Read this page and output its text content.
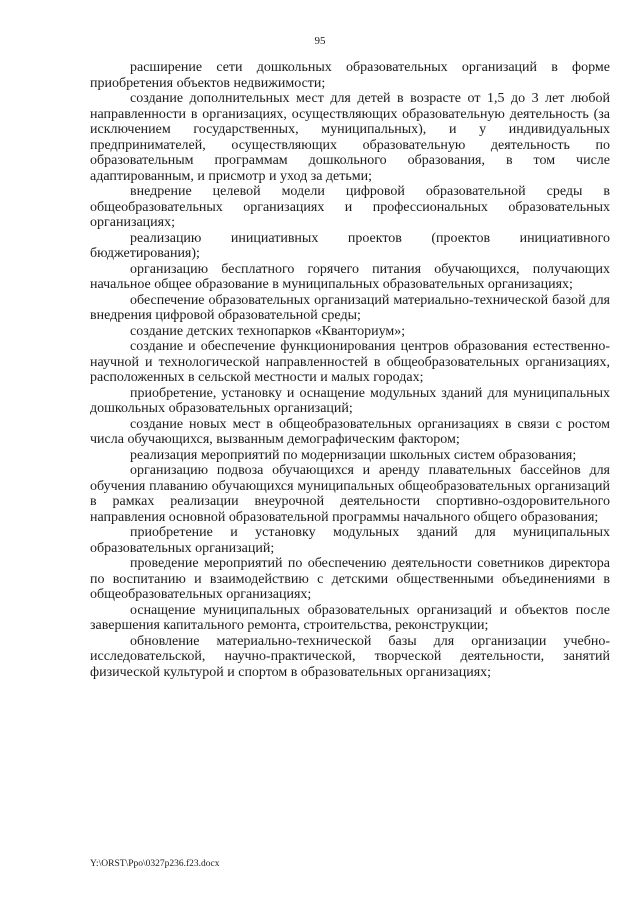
95

расширение сети дошкольных образовательных организаций в форме приобретения объектов недвижимости;

создание дополнительных мест для детей в возрасте от 1,5 до 3 лет любой направленности в организациях, осуществляющих образовательную деятельность (за исключением государственных, муниципальных), и у индивидуальных предпринимателей, осуществляющих образовательную деятельность по образовательным программам дошкольного образования, в том числе адаптированным, и присмотр и уход за детьми;

внедрение целевой модели цифровой образовательной среды в общеобразовательных организациях и профессиональных образовательных организациях;

реализацию инициативных проектов (проектов инициативного бюджетирования);

организацию бесплатного горячего питания обучающихся, получающих начальное общее образование в муниципальных образовательных организациях;

обеспечение образовательных организаций материально-технической базой для внедрения цифровой образовательной среды;

создание детских технопарков «Кванториум»;

создание и обеспечение функционирования центров образования естественно-научной и технологической направленностей в общеобразовательных организациях, расположенных в сельской местности и малых городах;

приобретение, установку и оснащение модульных зданий для муниципальных дошкольных образовательных организаций;

создание новых мест в общеобразовательных организациях в связи с ростом числа обучающихся, вызванным демографическим фактором;

реализация мероприятий по модернизации школьных систем образования;

организацию подвоза обучающихся и аренду плавательных бассейнов для обучения плаванию обучающихся муниципальных общеобразовательных организаций в рамках реализации внеурочной деятельности спортивно-оздоровительного направления основной образовательной программы начального общего образования;

приобретение и установку модульных зданий для муниципальных образовательных организаций;

проведение мероприятий по обеспечению деятельности советников директора по воспитанию и взаимодействию с детскими общественными объединениями в общеобразовательных организациях;

оснащение муниципальных образовательных организаций и объектов после завершения капитального ремонта, строительства, реконструкции;

обновление материально-технической базы для организации учебно-исследовательской, научно-практической, творческой деятельности, занятий физической культурой и спортом в образовательных организациях;

Y:\ORST\Ppo\0327p236.f23.docx
